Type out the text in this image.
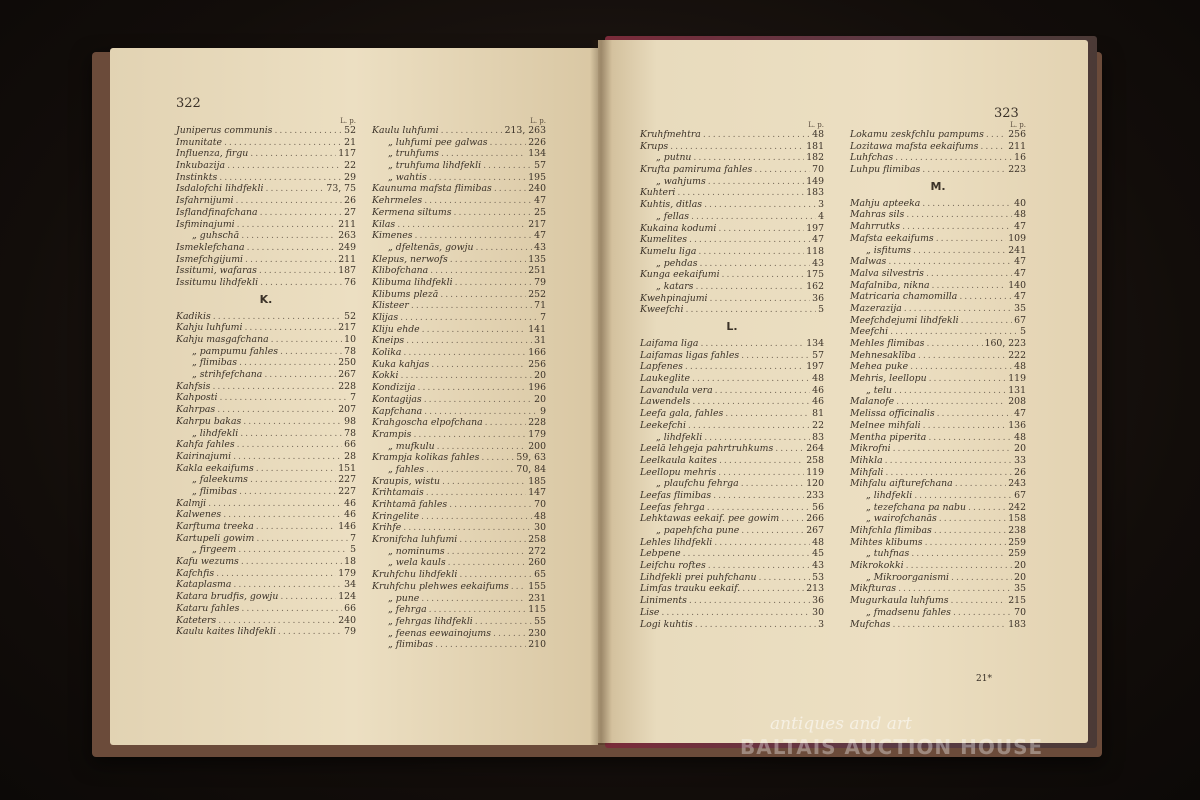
322
L. p.
Juniperus communis .....	52
Imunitate .....	21
Influenza, firgu .....	117
Inkubazija .....	22
Instinkts .....	29
Isdalofchi lihdfekli .....	73, 75
Isfahrnijumi .....	26
Isflandfinafchana .....	27
Isfiminajumi .....	211
„ guhschā .....	263
Ismeklefchana .....	249
Ismefchgijumi .....	211
Issitumi, wafaras .....	187
Issitumu lihdfekli .....	76
K.
Kadikis .....	52
Kahju luhfumi .....	217
Kahju masgafchana .....	10
„ pampumu fahles .....	78
„ flimibas .....	250
„ strihfefchana .....	267
Kahfsis .....	228
Kahposti .....	7
Kahrpas .....	207
Kahrpu bakas .....	98
„ lihdfekli .....	78
Kahfa fahles .....	66
Kairinajumi .....	28
Kakla eekaifums .....	151
„ faleekums .....	227
„ flimibas .....	227
Kalmji .....	46
Kalwenes .....	46
Karftuma treeka .....	146
Kartupeli gowim .....	7
„ firgeem .....	5
Kafu wezums .....	18
Kafchfis .....	179
Kataplasma .....	34
Katara brudfis, gowju .....	124
Kataru fahles .....	66
Kateters .....	240
Kaulu kaites lihdfekli .....	79
L. p.
Kaulu luhfumi .....	213, 263
„ luhfumi pee galwas .....	226
„ truhfums .....	134
„ truhfuma lihdfekli .....	57
„ wahtis .....	195
Kaunuma mafsta flimibas .....	240
Kehrmeles .....	47
Kermena siltums .....	25
Kilas .....	217
Kimenes .....	47
„ dfeltenās, gowju .....	43
Klepus, nerwofs .....	135
Klibofchana .....	251
Klibuma lihdfekli .....	79
Klibums plezā .....	252
Klisteer .....	71
Klijas .....	7
Kliju ehde .....	141
Kneips .....	31
Kolika .....	166
Kuka kahjas .....	256
Kokki .....	20
Kondizija .....	196
Kontagijas .....	20
Kapfchana .....	9
Krahgoscha elpofchana .....	228
Krampis .....	179
„ mufkulu .....	200
Krampja kolikas fahles .....	59, 63
„ fahles .....	70, 84
Kraupis, wistu .....	185
Krihtamais .....	147
Krihtamā fahles .....	70
Kringelite .....	48
Krihfe .....	30
Kronifcha luhfumi .....	258
„ nominums .....	272
„ wela kauls .....	260
Kruhfchu lihdfekli .....	65
Kruhfchu plehwes eekaifums ..... 155
„ pune .....	231
„ fehrga .....	115
„ fehrgas lihdfekli .....	55
„ feenas eewainojums .....	230
„ flimibas .....	210
323
L. p.
Kruhfmehtra .....	48
Krups .....	181
„ putnu .....	182
Krufta pamiruma fahles .....	70
„ wahjums .....	149
Kuhteri .....	183
Kuhtis, ditlas .....	3
„ fellas .....	4
Kukaina kodumi .....	197
Kumelites .....	47
Kumelu liga .....	118
„ pehdas .....	43
Kunga eekaifumi .....	175
„ katars .....	162
Kwehpinajumi .....	36
Kweefchi .....	5
L.
Laifama liga .....	134
Laifamas ligas fahles .....	57
Lapfenes .....	197
Laukeglite .....	48
Lavandula vera .....	46
Lawendels .....	46
Leefa gala, fahles .....	81
Leekefchi .....	22
„ lihdfekli .....	83
Leelā lehgeja pahrtruhkums .....	264
Leelkaula kaites .....	258
Leellopu mehris .....	119
„ plaufchu fehrga .....	120
Leefas flimibas .....	233
Leefas fehrga .....	56
Lehktawas eekaif. pee gowim .....	266
„ papehfcha pune .....	267
Lehles lihdfekli .....	48
Lebpene .....	45
Leifchu roftes .....	43
Lihdfekli prei puhfchanu .....	53
Limfas trauku eekaif. .....	213
Liniments .....	36
Lise .....	30
Logi kuhtis .....	3
L. p.
Lokamu zeskfchlu pampums .....	256
Lozitawa mafsta eekaifums .....	211
Luhfchas .....	16
Luhpu flimibas .....	223
M.
Mahju apteeka .....	40
Mahras sils .....	48
Mahrrutks .....	47
Mafsta eekaifums .....	109
„ isfitums .....	241
Malwas .....	47
Malva silvestris .....	47
Mafalniba, nikna .....	140
Matricaria chamomilla .....	47
Mazerazija .....	35
Meefchdejumi lihdfekli .....	67
Meefchi .....	5
Mehles flimibas .....	160, 223
Mehnesaklība .....	222
Mehea puke .....	48
Mehris, leellopu .....	119
„ telu .....	131
Malanofe .....	208
Melissa officinalis .....	47
Melnee mihfali .....	136
Mentha piperita .....	48
Mikrofni .....	20
Mihkla .....	33
Mihfali .....	26
Mihfalu aifturefchana .....	243
„ lihdfekli .....	67
„ tezefchana pa nabu .....	242
„ wairofchanās .....	158
Mihfchla flimibas .....	238
Mihtes klibums .....	259
„ tuhfnas .....	259
Mikrokokki .....	20
„ Mikroorganismi .....	20
Mikfturas .....	35
Mugurkaula luhfums .....	215
„ fmadsenu fahles .....	70
Mufchas .....	183
21*
antiques and art
BALTAIS AUCTION HOUSE
